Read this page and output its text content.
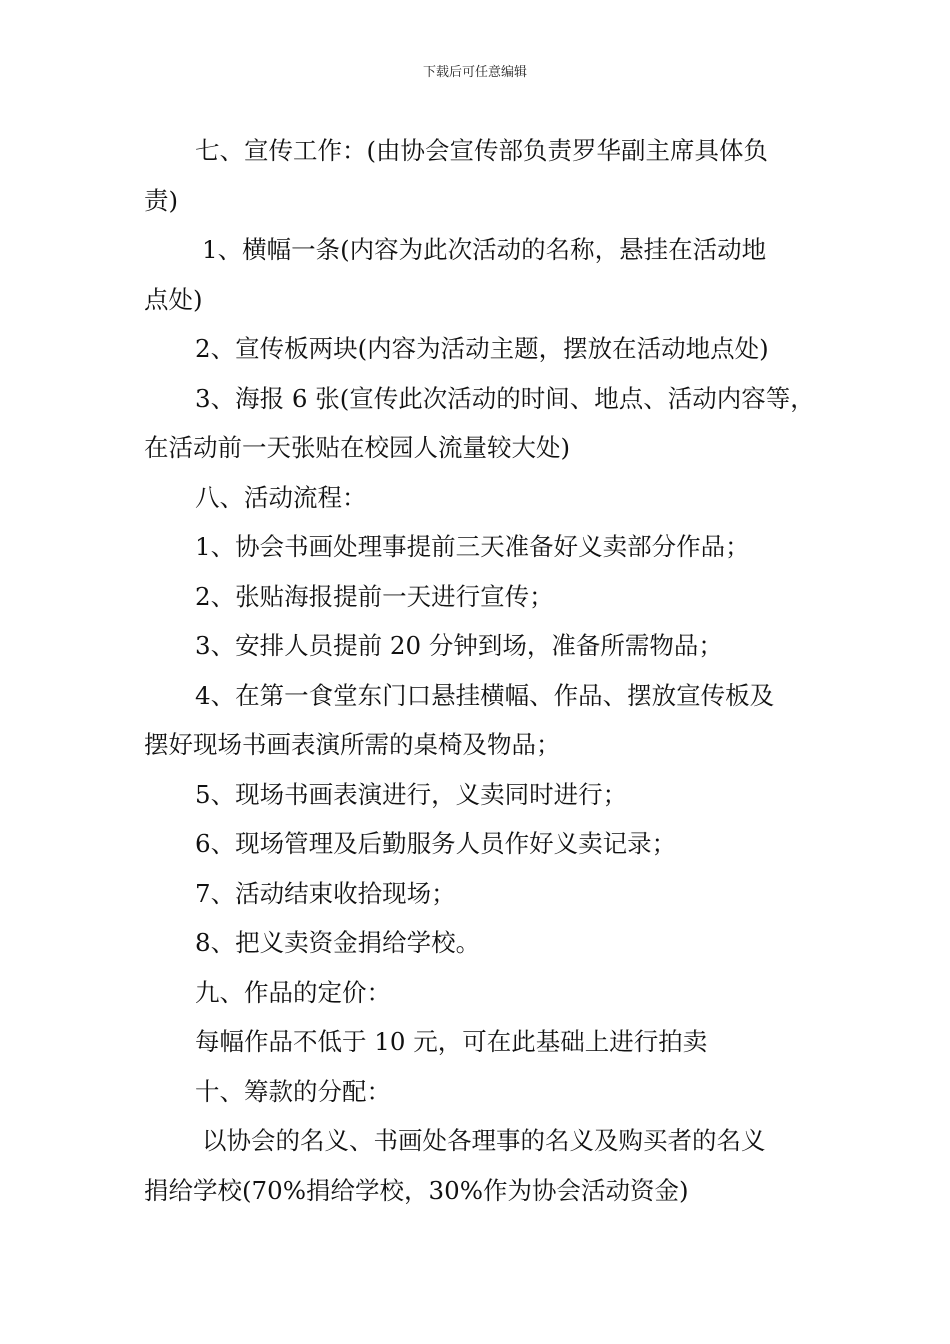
下载后可任意编辑
七、宣传工作：(由协会宣传部负责罗华副主席具体负
责)
1、横幅一条(内容为此次活动的名称，悬挂在活动地
点处)
2、宣传板两块(内容为活动主题，摆放在活动地点处)
3、海报 6 张(宣传此次活动的时间、地点、活动内容等，
在活动前一天张贴在校园人流量较大处)
八、活动流程：
1、协会书画处理事提前三天准备好义卖部分作品；
2、张贴海报提前一天进行宣传；
3、安排人员提前 20 分钟到场，准备所需物品；
4、在第一食堂东门口悬挂横幅、作品、摆放宣传板及
摆好现场书画表演所需的桌椅及物品；
5、现场书画表演进行，义卖同时进行；
6、现场管理及后勤服务人员作好义卖记录；
7、活动结束收拾现场；
8、把义卖资金捐给学校。
九、作品的定价：
每幅作品不低于 10 元，可在此基础上进行拍卖
十、筹款的分配：
以协会的名义、书画处各理事的名义及购买者的名义
捐给学校(70%捐给学校，30%作为协会活动资金)
